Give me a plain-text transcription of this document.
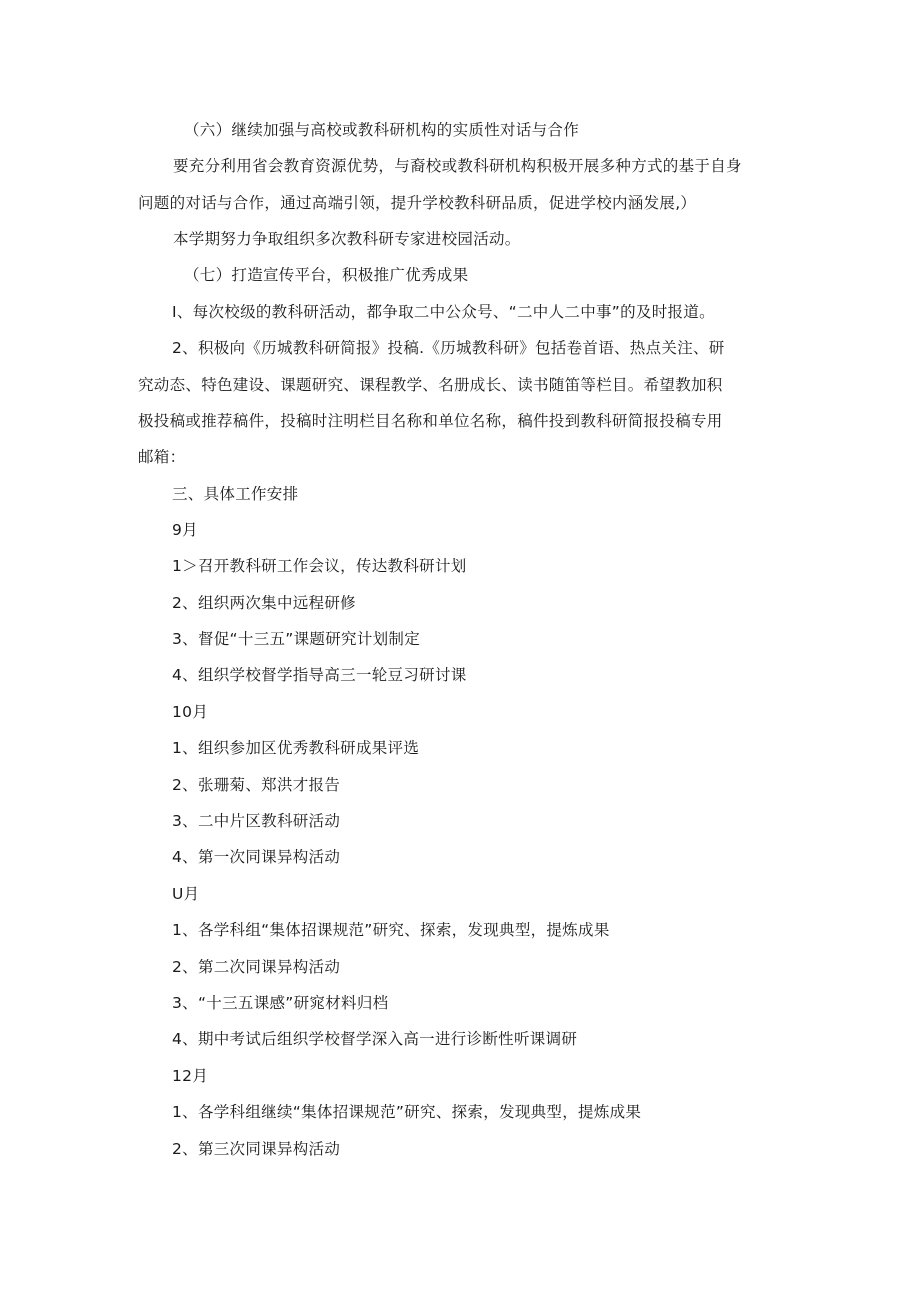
（六）继续加强与高校或教科研机构的实质性对话与合作

要充分利用省会教育资源优势，与裔校或教科研机构积极开展多种方式的基于自身

问题的对话与合作，通过高端引领，提升学校教科研品质，促进学校内涵发展,）

本学期努力争取组织多次教科研专家进校园活动。

（七）打造宣传平台，积极推广优秀成果

I、每次校级的教科研活动，都争取二中公众号、“二中人二中事”的及时报道。

2、积极向《历城教科研简报》投稿.《历城教科研》包括卷首语、热点关注、研

究动态、特色建设、课题研究、课程教学、名册成长、读书随笛等栏目。希望教加积

极投稿或推荐稿件，投稿时注明栏目名称和单位名称，稿件投到教科研简报投稿专用

邮箱：

三、具体工作安排

9月

1＞召开教科研工作会议，传达教科研计划

2、组织两次集中远程研修

3、督促“十三五”课题研究计划制定

4、组织学校督学指导高三一轮豆习研讨课

10月

1、组织参加区优秀教科研成果评选

2、张珊菊、郑洪才报告

3、二中片区教科研活动

4、第一次同课异构活动

U月

1、各学科组“集体招课规范”研究、探索，发现典型，提炼成果

2、第二次同课异构活动

3、“十三五课感”研窕材料归档

4、期中考试后组织学校督学深入高一进行诊断性听课调研

12月

1、各学科组继续“集体招课规范”研究、探索，发现典型，提炼成果

2、第三次同课异构活动
